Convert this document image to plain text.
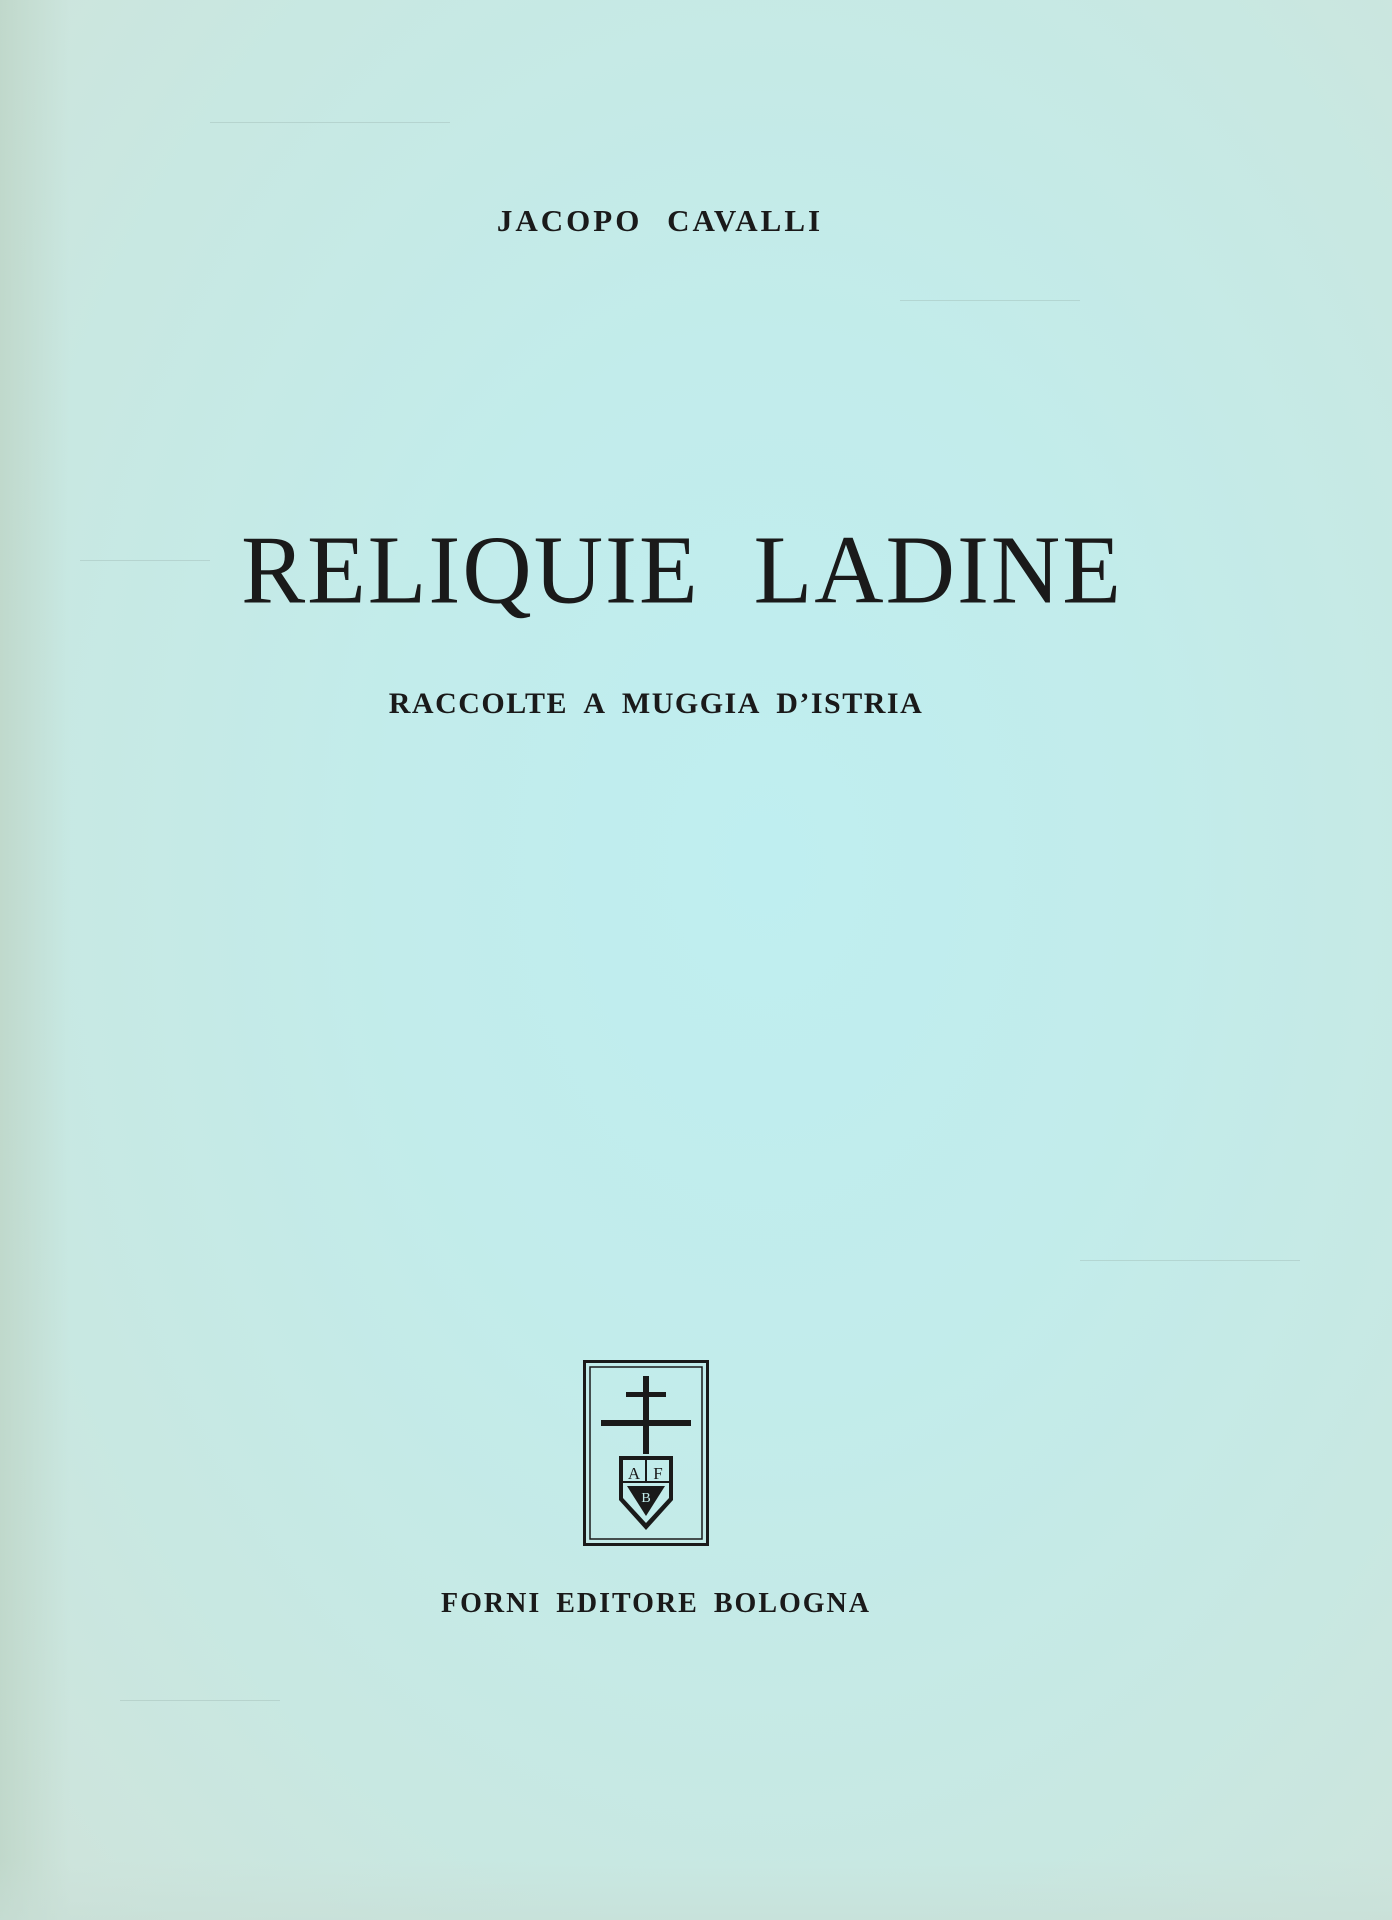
JACOPO CAVALLI
RELIQUIE LADINE
RACCOLTE A MUGGIA D’ISTRIA
A F
B
FORNI EDITORE BOLOGNA
